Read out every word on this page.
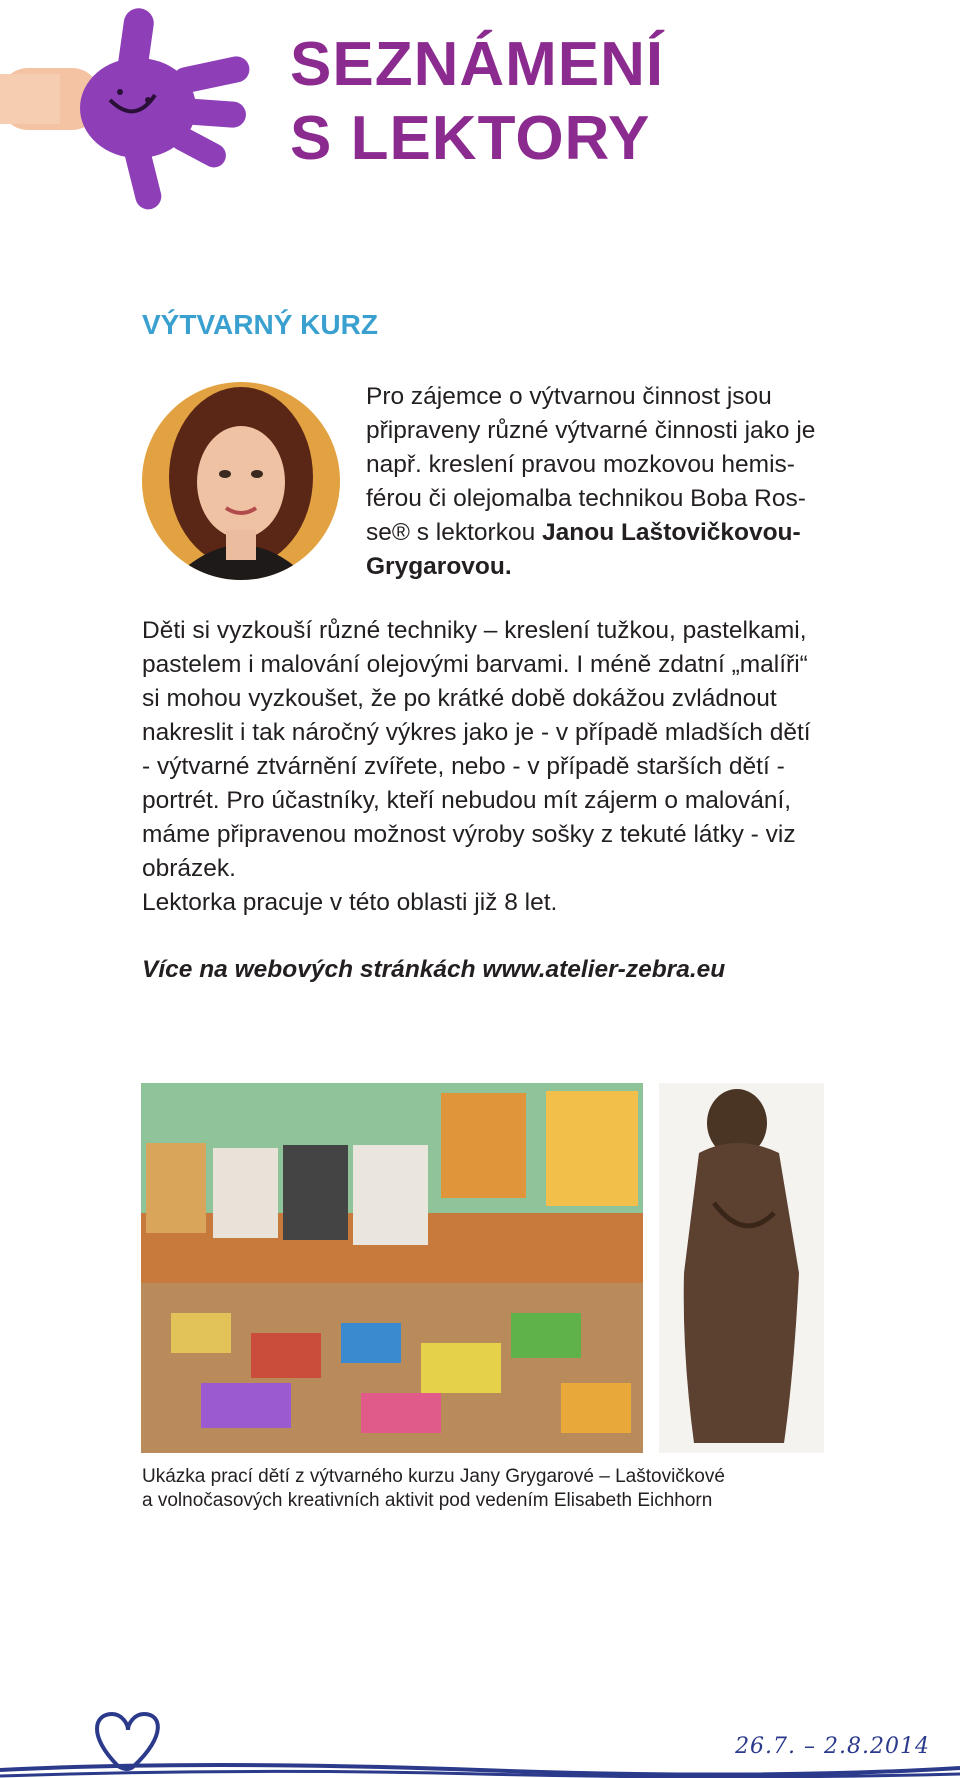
SEZNÁMENÍ
S LEKTORY
VÝTVARNÝ KURZ

Pro zájemce o výtvarnou činnost jsou připraveny různé výtvarné činnosti jako je např. kreslení pravou mozkovou hemis-férou či olejomalba technikou Boba Ros-se® s lektorkou Janou Laštovičkovou-Grygarovou.

Děti si vyzkouší různé techniky – kreslení tužkou, pastelkami,
pastelem i malování olejovými barvami. I méně zdatní „malíři“
si mohou vyzkoušet, že po krátké době dokážou zvládnout
nakreslit i tak náročný výkres jako je - v případě mladších dětí
- výtvarné ztvárnění zvířete, nebo - v případě starších dětí -
portrét. Pro účastníky, kteří nebudou mít zájerm o malování,
máme připravenou možnost výroby sošky z tekuté látky - viz
obrázek.
Lektorka pracuje v této oblasti již 8 let.

Více na webových stránkách www.atelier-zebra.eu

Ukázka prací dětí z výtvarného kurzu Jany Grygarové – Laštovičkové
a volnočasových kreativních aktivit pod vedením Elisabeth Eichhorn

26.7. – 2.8.2014
